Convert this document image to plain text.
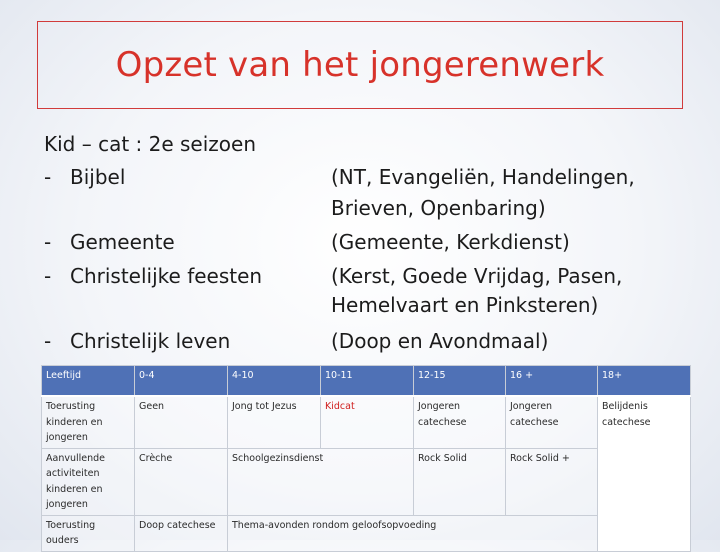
Opzet van het jongerenwerk
Kid – cat : 2e seizoen
- Bijbel	(NT, Evangeliën, Handelingen,
Brieven, Openbaring)
- Gemeente	(Gemeente, Kerkdienst)
- Christelijke feesten	(Kerst, Goede Vrijdag, Pasen,
Hemelvaart en Pinksteren)
- Christelijk leven	(Doop en Avondmaal)
Leeftijd	0-4	4-10	10-11	12-15	16 +	18+
Toerusting kinderen en jongeren	Geen	Jong tot Jezus	Kidcat	Jongeren catechese	Jongeren catechese	Belijdenis catechese
Aanvullende activiteiten kinderen en jongeren	Crèche	Schoolgezinsdienst		Rock Solid	Rock Solid +	
Toerusting ouders	Doop catechese	Thema-avonden rondom geloofsopvoeding				
